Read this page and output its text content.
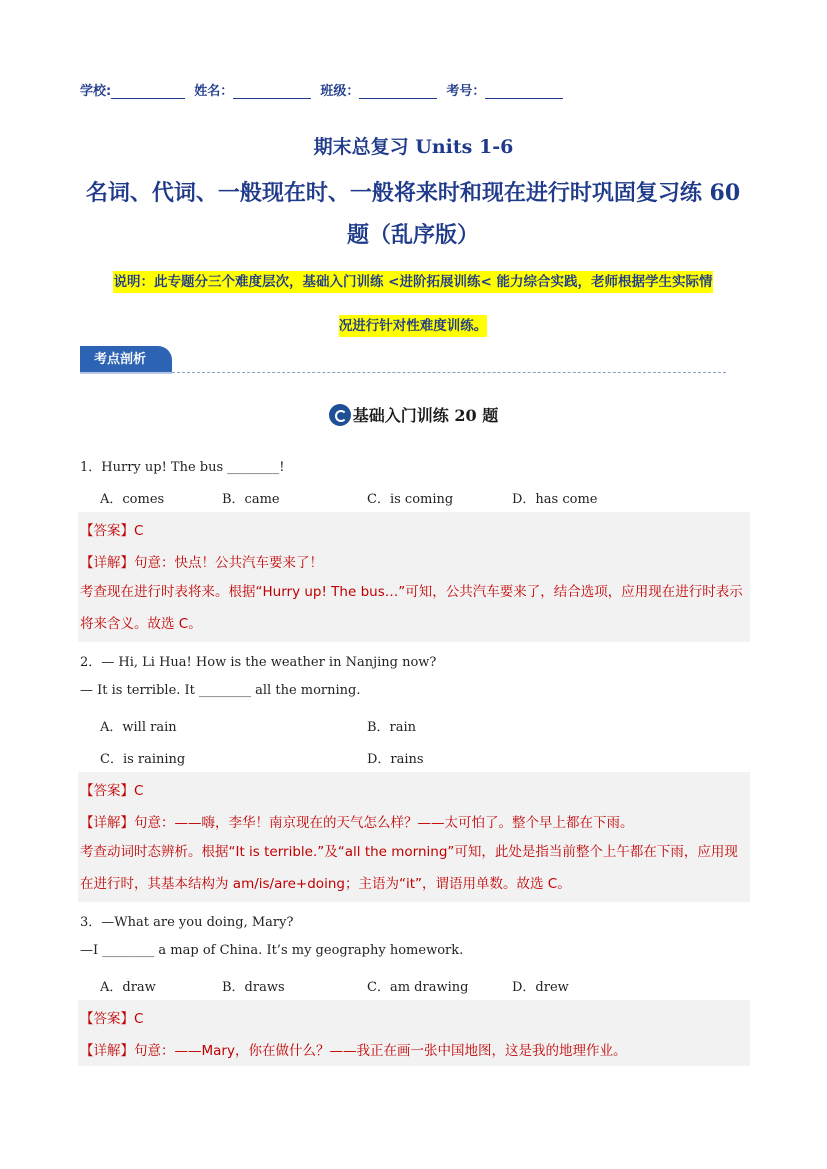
学校:	姓名：	班级：	考号：
期末总复习 Units 1-6
名词、代词、一般现在时、一般将来时和现在进行时巩固复习练 60 题（乱序版）
说明：此专题分三个难度层次，基础入门训练 <进阶拓展训练< 能力综合实践，老师根据学生实际情
况进行针对性难度训练。
考点剖析
基础入门训练 20 题
1．Hurry up! The bus ________!
A．comes	B．came	C．is coming	D．has come
【答案】C
【详解】句意：快点！公共汽车要来了！
考查现在进行时表将来。根据“Hurry up! The bus…”可知，公共汽车要来了，结合选项，应用现在进行时表示将来含义。故选 C。
2．— Hi, Li Hua! How is the weather in Nanjing now?
— It is terrible. It ________ all the morning.
A．will rain	B．rain
C．is raining	D．rains
【答案】C
【详解】句意：——嗨，李华！南京现在的天气怎么样？——太可怕了。整个早上都在下雨。
考查动词时态辨析。根据“It is terrible.”及“all the morning”可知，此处是指当前整个上午都在下雨，应用现在进行时，其基本结构为 am/is/are+doing；主语为“it”，谓语用单数。故选 C。
3．—What are you doing, Mary?
—I ________ a map of China. It’s my geography homework.
A．draw	B．draws	C．am drawing	D．drew
【答案】C
【详解】句意：——Mary，你在做什么？——我正在画一张中国地图，这是我的地理作业。
